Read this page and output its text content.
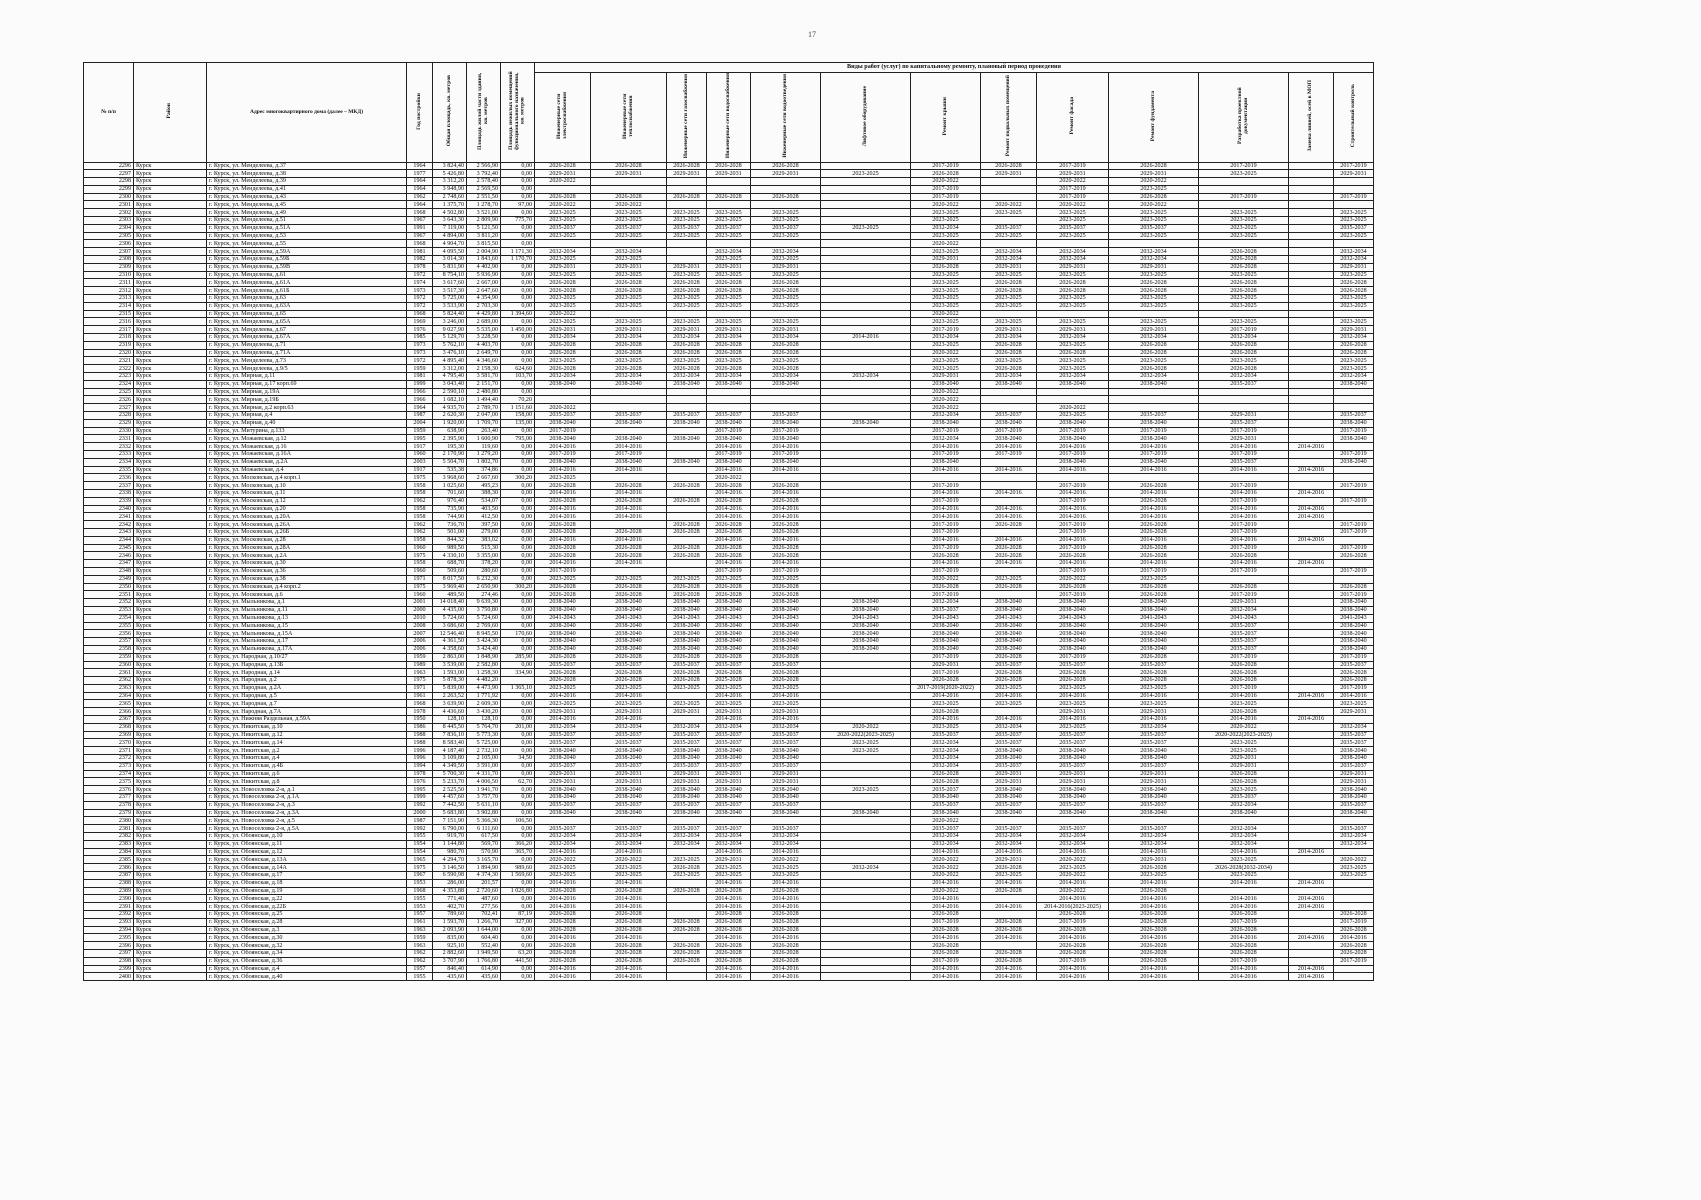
17
№ п/п	Район	Адрес многоквартирного дома (далее – МКД)	Год постройки	Общая площадь, кв. метров	Площадь жилой части здания, кв. метров	Площадь нежилых помещений функционального назначения, кв. метров	Виды работ (услуг) по капитальному ремонту, плановый период проведения												
							Инженерные сети электроснабжения	Инженерные сети теплоснабжения	Инженерные сети газоснабжения	Инженерные сети водоснабжения	Инженерные сети водоотведения	Лифтовое оборудование	Ремонт крыши	Ремонт подвальных помещений	Ремонт фасада	Ремонт фундамента	Разработка проектной документации	Замена ливней, осей в МОП	Строительный контроль
2296	Курск	г. Курск, ул. Менделеева, д.37	1964	3 824,40	2 566,90	0,00	2026-2028	2026-2028	2026-2028	2026-2028	2026-2028		2017-2019	2026-2028	2017-2019	2026-2028	2017-2019		2017-2019
2297	Курск	г. Курск, ул. Менделеева, д.38	1977	5 426,80	3 792,40	0,00	2029-2031	2029-2031	2029-2031	2029-2031	2029-2031	2023-2025	2026-2028	2029-2031	2029-2031	2029-2031	2023-2025		2029-2031
2298	Курск	г. Курск, ул. Менделеева, д.39	1964	3 312,20	2 578,40	0,00	2020-2022						2020-2022		2020-2022	2020-2022			
2299	Курск	г. Курск, ул. Менделеева, д.41	1964	3 948,90	2 569,50	0,00							2017-2019		2017-2019	2023-2025			
2300	Курск	г. Курск, ул. Менделеева, д.43	1962	2 748,60	2 551,50	0,00	2026-2028	2026-2028	2026-2028	2026-2028	2026-2028		2017-2019		2017-2019	2026-2028	2017-2019		2017-2019
2301	Курск	г. Курск, ул. Менделеева, д.45	1964	1 375,70	1 278,70	97,00	2020-2022	2020-2022					2020-2022	2020-2022	2020-2022	2020-2022			
2302	Курск	г. Курск, ул. Менделеева, д.49	1968	4 502,80	3 521,00	0,00	2023-2025	2023-2025	2023-2025	2023-2025	2023-2025		2023-2025	2023-2025	2023-2025	2023-2025	2023-2025		2023-2025
2303	Курск	г. Курск, ул. Менделеева, д.51	1967	3 643,30	2 809,90	775,70	2023-2025	2023-2025	2023-2025	2023-2025	2023-2025		2023-2025		2023-2025	2023-2025	2023-2025		2023-2025
2304	Курск	г. Курск, ул. Менделеева, д.51А	1991	7 119,00	5 121,50	0,00	2035-2037	2035-2037	2035-2037	2035-2037	2035-2037	2023-2025	2032-2034	2035-2037	2035-2037	2035-2037	2023-2025		2035-2037
2305	Курск	г. Курск, ул. Менделеева, д.53	1967	4 894,00	3 811,20	0,00	2023-2025	2023-2025	2023-2025	2023-2025	2023-2025		2023-2025	2023-2025	2023-2025	2023-2025	2023-2025		2023-2025
2306	Курск	г. Курск, ул. Менделеева, д.55	1968	4 904,70	3 815,50	0,00							2020-2022						
2307	Курск	г. Курск, ул. Менделеева, д.59А	1981	4 095,50	2 004,90	1 171,30	2032-2034	2032-2034		2032-2034	2032-2034		2023-2025	2032-2034	2032-2034	2032-2034	2026-2028		2032-2034
2308	Курск	г. Курск, ул. Менделеева, д.59Б	1982	3 014,30	1 843,60	1 170,70	2023-2025	2023-2025		2023-2025	2023-2025		2029-2031	2032-2034	2032-2034	2032-2034	2026-2028		2032-2034
2309	Курск	г. Курск, ул. Менделеева, д.59В	1978	5 831,90	4 402,90	0,00	2029-2031	2029-2031	2029-2031	2029-2031	2029-2031		2026-2028	2029-2031	2029-2031	2029-2031	2026-2028		2029-2031
2310	Курск	г. Курск, ул. Менделеева, д.61	1972	8 754,10	5 936,90	0,00	2023-2025	2023-2025	2023-2025	2023-2025	2023-2025		2023-2025	2023-2025	2023-2025	2023-2025	2023-2025		2023-2025
2311	Курск	г. Курск, ул. Менделеева, д.61А	1974	3 617,60	2 667,00	0,00	2026-2028	2026-2028	2026-2028	2026-2028	2026-2028		2023-2025	2026-2028	2026-2028	2026-2028	2026-2028		2026-2028
2312	Курск	г. Курск, ул. Менделеева, д.61Б	1973	3 517,30	2 647,60	0,00	2026-2028	2026-2028	2026-2028	2026-2028	2026-2028		2023-2025	2026-2028	2026-2028	2026-2028	2026-2028		2026-2028
2313	Курск	г. Курск, ул. Менделеева, д.63	1972	5 725,00	4 354,90	0,00	2023-2025	2023-2025	2023-2025	2023-2025	2023-2025		2023-2025	2023-2025	2023-2025	2023-2025	2023-2025		2023-2025
2314	Курск	г. Курск, ул. Менделеева, д.63А	1972	3 533,90	2 703,30	0,00	2023-2025	2023-2025	2023-2025	2023-2025	2023-2025		2023-2025	2023-2025	2023-2025	2023-2025	2023-2025		2023-2025
2315	Курск	г. Курск, ул. Менделеева, д.65	1968	5 824,40	4 429,80	1 394,60	2020-2022						2020-2022						
2316	Курск	г. Курск, ул. Менделеева, д.65А	1969	3 246,00	2 689,00	0,00	2023-2025	2023-2025	2023-2025	2023-2025	2023-2025		2023-2025	2023-2025	2023-2025	2023-2025	2023-2025		2023-2025
2317	Курск	г. Курск, ул. Менделеева, д.67	1976	9 027,90	5 535,00	1 450,00	2029-2031	2029-2031	2029-2031	2029-2031	2029-2031		2017-2019	2029-2031	2029-2031	2029-2031	2017-2019		2029-2031
2318	Курск	г. Курск, ул. Менделеева, д.67А	1985	5 129,70	3 228,50	0,00	2032-2034	2032-2034	2032-2034	2032-2034	2032-2034	2014-2016	2032-2034	2032-2034	2032-2034	2032-2034	2032-2034		2032-2034
2319	Курск	г. Курск, ул. Менделеева, д.71	1973	5 762,10	4 403,70	0,00	2026-2028	2026-2028	2026-2028	2026-2028	2026-2028		2023-2025	2026-2028	2023-2025	2026-2028	2026-2028		2026-2028
2320	Курск	г. Курск, ул. Менделеева, д.71А	1973	3 476,10	2 649,70	0,00	2026-2028	2026-2028	2026-2028	2026-2028	2026-2028		2020-2022	2026-2028	2026-2028	2026-2028	2026-2028		2026-2028
2321	Курск	г. Курск, ул. Менделеева, д.73	1972	4 895,40	4 346,60	0,00	2023-2025	2023-2025	2023-2025	2023-2025	2023-2025		2023-2025	2023-2025	2023-2025	2023-2025	2023-2025		2023-2025
2322	Курск	г. Курск, ул. Менделеева, д.9/5	1959	3 312,00	2 158,30	624,60	2026-2028	2026-2028	2026-2028	2026-2028	2026-2028		2023-2025	2026-2028	2023-2025	2026-2028	2026-2028		2023-2025
2323	Курск	г. Курск, ул. Мирная, д.11	1981	4 795,40	3 581,70	103,70	2032-2034	2032-2034	2032-2034	2032-2034	2032-2034	2032-2034	2029-2031	2032-2034	2032-2034	2032-2034	2032-2034		2032-2034
2324	Курск	г. Курск, ул. Мирная, д.17 корп.69	1999	3 043,40	2 151,70	0,00	2038-2040	2038-2040	2038-2040	2038-2040	2038-2040		2038-2040	2038-2040	2038-2040	2038-2040	2035-2037		2038-2040
2325	Курск	г. Курск, ул. Мирная, д.19А	1966	2 590,10	2 480,80	0,00							2020-2022						
2326	Курск	г. Курск, ул. Мирная, д.19Б	1966	1 682,10	1 494,40	70,20							2020-2022						
2327	Курск	г. Курск, ул. Мирная, д.2 корп.63	1964	4 935,70	2 789,70	1 151,60	2020-2022						2020-2022		2020-2022				
2328	Курск	г. Курск, ул. Мирная, д.4	1987	2 620,30	2 047,00	158,00	2035-2037	2035-2037	2035-2037	2035-2037	2035-2037		2032-2034	2035-2037	2023-2025	2035-2037	2029-2031		2035-2037
2329	Курск	г. Курск, ул. Мирная, д.40	2004	1 920,00	1 709,70	135,00	2038-2040	2038-2040	2038-2040	2038-2040	2038-2040	2038-2040	2038-2040	2038-2040	2038-2040	2038-2040	2035-2037		2038-2040
2330	Курск	г. Курск, ул. Митурина, д.133	1959	638,90	263,40	0,00	2017-2019			2017-2019	2017-2019		2017-2019	2017-2019	2017-2019	2017-2019	2017-2019		2017-2019
2331	Курск	г. Курск, ул. Можаевская, д.12	1995	2 395,90	1 600,90	795,00	2038-2040	2038-2040	2038-2040	2038-2040	2038-2040		2032-2034	2038-2040	2038-2040	2038-2040	2029-2031		2038-2040
2332	Курск	г. Курск, ул. Можаевская, д.16	1917	195,30	119,60	0,00	2014-2016	2014-2016		2014-2016	2014-2016		2014-2016	2014-2016	2014-2016	2014-2016	2014-2016	2014-2016	
2333	Курск	г. Курск, ул. Можаевская, д.16А	1960	2 170,90	1 279,20	0,00	2017-2019	2017-2019		2017-2019	2017-2019		2017-2019	2017-2019	2017-2019	2017-2019	2017-2019		2017-2019
2334	Курск	г. Курск, ул. Можаевская, д.2А	2003	5 504,70	1 802,70	0,00	2038-2040	2038-2040	2038-2040	2038-2040	2038-2040		2038-2040		2038-2040	2038-2040	2035-2037		2038-2040
2335	Курск	г. Курск, ул. Можаевская, д.4	1917	535,38	374,86	0,00	2014-2016	2014-2016		2014-2016	2014-2016		2014-2016	2014-2016	2014-2016	2014-2016	2014-2016	2014-2016	
2336	Курск	г. Курск, ул. Московская, д.4 корп.1	1975	3 968,60	2 667,60	300,20	2023-2025			2020-2022									
2337	Курск	г. Курск, ул. Московская, д.10	1958	1 025,60	495,23	0,00	2026-2028	2026-2028	2026-2028	2026-2028	2026-2028		2017-2019		2017-2019	2026-2028	2017-2019		2017-2019
2338	Курск	г. Курск, ул. Московская, д.11	1958	701,60	388,30	0,00	2014-2016	2014-2016		2014-2016	2014-2016		2014-2016	2014-2016	2014-2016	2014-2016	2014-2016	2014-2016	
2339	Курск	г. Курск, ул. Московская, д.12	1962	976,40	534,07	0,00	2026-2028	2026-2028	2026-2028	2026-2028	2026-2028		2017-2019		2017-2019	2026-2028	2017-2019		2017-2019
2340	Курск	г. Курск, ул. Московская, д.20	1958	735,90	403,50	0,00	2014-2016	2014-2016		2014-2016	2014-2016		2014-2016	2014-2016	2014-2016	2014-2016	2014-2016	2014-2016	
2341	Курск	г. Курск, ул. Московская, д.20А	1958	744,90	412,50	0,00	2014-2016	2014-2016		2014-2016	2014-2016		2014-2016	2014-2016	2014-2016	2014-2016	2014-2016	2014-2016	
2342	Курск	г. Курск, ул. Московская, д.26А	1962	736,70	397,50	0,00	2026-2028		2026-2028	2026-2028	2026-2028		2017-2019	2026-2028	2017-2019	2026-2028	2017-2019		2017-2019
2343	Курск	г. Курск, ул. Московская, д.26Б	1962	501,00	279,00	0,00	2026-2028	2026-2028	2026-2028	2026-2028	2026-2028		2017-2019		2017-2019	2026-2028	2017-2019		2017-2019
2344	Курск	г. Курск, ул. Московская, д.28	1958	844,32	383,02	0,00	2014-2016	2014-2016		2014-2016	2014-2016		2014-2016	2014-2016	2014-2016	2014-2016	2014-2016	2014-2016	
2345	Курск	г. Курск, ул. Московская, д.28А	1960	989,50	515,30	0,00	2026-2028	2026-2028	2026-2028	2026-2028	2026-2028		2017-2019	2026-2028	2017-2019	2026-2028	2017-2019		2017-2019
2346	Курск	г. Курск, ул. Московская, д.2А	1975	4 330,10	3 355,00	0,00	2026-2028	2026-2028	2026-2028	2026-2028	2026-2028		2026-2028	2026-2028	2026-2028	2026-2028	2026-2028		2026-2028
2347	Курск	г. Курск, ул. Московская, д.30	1958	688,70	378,20	0,00	2014-2016	2014-2016		2014-2016	2014-2016		2014-2016	2014-2016	2014-2016	2014-2016	2014-2016	2014-2016	
2348	Курск	г. Курск, ул. Московская, д.36	1960	509,60	280,60	0,00	2017-2019			2017-2019	2017-2019		2017-2019		2017-2019	2017-2019	2017-2019		2017-2019
2349	Курск	г. Курск, ул. Московская, д.38	1971	8 017,50	6 232,30	0,00	2023-2025	2023-2025	2023-2025	2023-2025	2023-2025		2020-2022	2023-2025	2020-2022	2023-2025			
2350	Курск	г. Курск, ул. Московская, д.4 корп.2	1975	3 969,40	2 650,90	300,20	2026-2028	2026-2028	2026-2028	2026-2028	2026-2028		2026-2028	2026-2028	2026-2028	2026-2028	2026-2028		2026-2028
2351	Курск	г. Курск, ул. Московская, д.6	1960	489,50	274,46	0,00	2026-2028	2026-2028	2026-2028	2026-2028	2026-2028		2017-2019		2017-2019	2026-2028	2017-2019		2017-2019
2352	Курск	г. Курск, ул. Мыльникова, д.1	2001	14 018,40	9 639,30	0,00	2038-2040	2038-2040	2038-2040	2038-2040	2038-2040	2038-2040	2032-2034	2038-2040	2038-2040	2038-2040	2029-2031		2038-2040
2353	Курск	г. Курск, ул. Мыльникова, д.11	2000	4 435,00	3 750,80	0,00	2038-2040	2038-2040	2038-2040	2038-2040	2038-2040	2038-2040	2035-2037	2038-2040	2038-2040	2038-2040	2032-2034		2038-2040
2354	Курск	г. Курск, ул. Мыльникова, д.13	2010	5 724,60	5 724,60	0,00	2041-2043	2041-2043	2041-2043	2041-2043	2041-2043	2041-2043	2041-2043	2041-2043	2041-2043	2041-2043	2041-2043		2041-2043
2355	Курск	г. Курск, ул. Мыльникова, д.15	2008	3 686,60	2 769,60	0,00	2038-2040	2038-2040	2038-2040	2038-2040	2038-2040	2038-2040	2038-2040	2038-2040	2038-2040	2038-2040	2035-2037		2038-2040
2356	Курск	г. Курск, ул. Мыльникова, д.15А	2007	12 546,40	8 945,50	170,60	2038-2040	2038-2040	2038-2040	2038-2040	2038-2040	2038-2040	2038-2040	2038-2040	2038-2040	2038-2040	2035-2037		2038-2040
2357	Курск	г. Курск, ул. Мыльникова, д.17	2006	4 361,50	3 424,30	0,00	2038-2040	2038-2040	2038-2040	2038-2040	2038-2040	2038-2040	2038-2040	2038-2040	2038-2040	2038-2040	2035-2037		2038-2040
2358	Курск	г. Курск, ул. Мыльникова, д.17А	2006	4 358,60	3 424,40	0,00	2038-2040	2038-2040	2038-2040	2038-2040	2038-2040	2038-2040	2038-2040	2038-2040	2038-2040	2038-2040	2035-2037		2038-2040
2359	Курск	г. Курск, ул. Народная, д.10/27	1959	2 863,00	1 848,90	285,90	2026-2028	2026-2028	2026-2028	2026-2028	2026-2028		2017-2019	2026-2028	2017-2019	2026-2028	2017-2019		2017-2019
2360	Курск	г. Курск, ул. Народная, д.13Б	1989	3 539,00	2 582,80	0,00	2035-2037	2035-2037	2035-2037	2035-2037	2035-2037		2029-2031	2035-2037	2035-2037	2035-2037	2026-2028		2035-2037
2361	Курск	г. Курск, ул. Народная, д.14	1963	1 593,00	1 258,30	334,90	2026-2028	2026-2028	2026-2028	2026-2028	2026-2028		2017-2019	2026-2028	2026-2028	2026-2028	2026-2028		2026-2028
2362	Курск	г. Курск, ул. Народная, д.2	1975	5 878,30	4 482,20		2026-2028	2026-2028	2026-2028	2025-2028	2026-2028		2026-2028	2026-2028	2026-2028	2026-2028	2026-2028		2026-2028
2363	Курск	г. Курск, ул. Народная, д.2А	1971	5 839,00	4 473,90	1 365,10	2023-2025	2023-2025	2023-2025	2023-2025	2023-2025		2017-2019(2020-2022)	2023-2025	2023-2025	2023-2025	2017-2019		2017-2019
2364	Курск	г. Курск, ул. Народная, д.5	1961	2 263,52	1 771,92	0,00	2014-2016	2014-2016		2014-2016	2014-2016		2014-2016	2014-2016	2014-2016	2014-2016	2014-2016	2014-2016	2014-2016
2365	Курск	г. Курск, ул. Народная, д.7	1968	3 639,90	2 609,30	0,00	2023-2025	2023-2025	2023-2025	2023-2025	2023-2025		2023-2025	2023-2025	2023-2025	2023-2025	2023-2025		2023-2025
2366	Курск	г. Курск, ул. Народная, д.7А	1978	4 436,60	3 430,20	0,00	2029-2031	2029-2031	2029-2031	2029-2031	2029-2031		2026-2028		2029-2031	2029-2031	2026-2028		2029-2031
2367	Курск	г. Курск, ул. Нижняя Раздельная, д.59А	1950	128,10	128,10	0,00	2014-2016	2014-2016		2014-2016	2014-2016		2014-2016	2014-2016	2014-2016	2014-2016	2014-2016	2014-2016	
2368	Курск	г. Курск, ул. Никитская, д.10	1986	8 445,50	5 764,70	201,00	2032-2034	2032-2034	2032-2034	2032-2034	2032-2034	2020-2022	2023-2025	2032-2034	2023-2025	2032-2034	2020-2022		2032-2034
2369	Курск	г. Курск, ул. Никитская, д.12	1988	7 836,10	5 773,30	0,00	2035-2037	2035-2037	2035-2037	2035-2037	2035-2037	2020-2022(2023-2025)	2035-2037	2035-2037	2035-2037	2035-2037	2020-2022(2023-2025)		2035-2037
2370	Курск	г. Курск, ул. Никитская, д.14	1988	8 583,40	5 725,00	0,00	2035-2037	2035-2037	2035-2037	2035-2037	2035-2037	2023-2025	2032-2034	2035-2037	2035-2037	2035-2037	2023-2025		2035-2037
2371	Курск	г. Курск, ул. Никитская, д.2	1996	4 187,40	2 732,10	0,00	2038-2040	2038-2040	2038-2040	2038-2040	2038-2040	2023-2025	2032-2034	2038-2040	2038-2040	2038-2040	2023-2025		2038-2040
2372	Курск	г. Курск, ул. Никитская, д.4	1996	3 109,80	2 105,00	34,50	2038-2040	2038-2040	2038-2040	2038-2040	2038-2040		2032-2034	2038-2040	2038-2040	2038-2040	2029-2031		2038-2040
2373	Курск	г. Курск, ул. Никитская, д.4Б	1994	4 349,50	3 591,00	0,00	2035-2037	2035-2037	2035-2037	2035-2037	2035-2037		2032-2034	2035-2037	2035-2037	2035-2037	2029-2031		2035-2037
2374	Курск	г. Курск, ул. Никитская, д.6	1978	5 700,30	4 331,70	0,00	2029-2031	2029-2031	2029-2031	2029-2031	2029-2031		2026-2028	2029-2031	2029-2031	2029-2031	2026-2028		2029-2031
2375	Курск	г. Курск, ул. Никитская, д.8	1976	5 233,70	4 006,50	62,70	2029-2031	2029-2031	2029-2031	2029-2031	2029-2031		2026-2028	2029-2031	2029-2031	2029-2031	2026-2028		2029-2031
2376	Курск	г. Курск, ул. Новоселовка 2-я, д.1	1995	2 525,50	1 941,70	0,00	2038-2040	2038-2040	2038-2040	2038-2040	2038-2040	2023-2025	2035-2037	2038-2040	2038-2040	2038-2040	2023-2025		2038-2040
2377	Курск	г. Курск, ул. Новоселовка 2-я, д.1А	1999	4 457,60	3 757,70	0,00	2038-2040	2038-2040	2038-2040	2038-2040	2038-2040		2038-2040	2038-2040	2038-2040	2038-2040	2035-2037		2038-2040
2378	Курск	г. Курск, ул. Новоселовка 2-я, д.3	1992	7 442,50	5 631,10	0,00	2035-2037	2035-2037	2035-2037	2035-2037	2035-2037		2035-2037	2035-2037	2035-2037	2035-2037	2032-2034		2035-2037
2379	Курск	г. Курск, ул. Новоселовка 2-я, д.3А	2000	5 683,80	3 902,80	0,00	2038-2040	2038-2040	2038-2040	2038-2040	2038-2040	2038-2040	2038-2040	2038-2040	2038-2040	2038-2040	2038-2040		2038-2040
2380	Курск	г. Курск, ул. Новоселовка 2-я, д.5	1987	7 151,90	5 366,30	106,50							2020-2022						
2381	Курск	г. Курск, ул. Новоселовка 2-я, д.5А	1992	6 790,00	6 111,60	0,00	2035-2037	2035-2037	2035-2037	2035-2037	2035-2037		2035-2037	2035-2037	2035-2037	2035-2037	2032-2034		2035-2037
2382	Курск	г. Курск, ул. Обоянская, д.10	1955	919,70	617,50	0,00	2032-2034	2032-2034	2032-2034	2032-2034	2032-2034		2032-2034	2032-2034	2032-2034	2032-2034	2032-2034		2032-2034
2383	Курск	г. Курск, ул. Обоянская, д.11	1954	1 144,80	569,70	366,20	2032-2034	2032-2034	2032-2034	2032-2034	2032-2034		2032-2034	2032-2034	2032-2034	2032-2034	2032-2034		2032-2034
2384	Курск	г. Курск, ул. Обоянская, д.12	1954	980,70	570,90	365,70	2014-2016	2014-2016		2014-2016	2014-2016		2014-2016	2014-2016	2014-2016	2014-2016	2014-2016	2014-2016	
2385	Курск	г. Курск, ул. Обоянская, д.13А	1965	4 294,70	3 165,70	0,00	2020-2022	2020-2022	2023-2025	2029-2031	2020-2022		2020-2022	2029-2031	2020-2022	2029-2031	2023-2025		2020-2022
2386	Курск	г. Курск, ул. Обоянская, д.14А	1975	3 146,50	1 894,90	989,60	2023-2025	2023-2025	2026-2028	2023-2025	2023-2025	2032-2034	2020-2022	2026-2028	2023-2025	2026-2028	2026-2028(2032-2034)		2023-2025
2387	Курск	г. Курск, ул. Обоянская, д.17	1967	6 590,98	4 374,30	1 569,60	2023-2025	2023-2025	2023-2025	2023-2025	2023-2025		2020-2022	2023-2025	2020-2022	2023-2025	2023-2025		2023-2025
2388	Курск	г. Курск, ул. Обоянская, д.18	1953	286,00	201,57	0,00	2014-2016	2014-2016		2014-2016	2014-2016		2014-2016	2014-2016	2014-2016	2014-2016	2014-2016	2014-2016	
2389	Курск	г. Курск, ул. Обоянская, д.19	1968	4 353,88	2 720,60	1 026,80	2026-2028	2026-2028	2026-2028	2026-2028	2026-2028		2020-2022	2026-2028	2020-2022	2026-2028			
2390	Курск	г. Курск, ул. Обоянская, д.22	1955	771,40	487,60	0,00	2014-2016	2014-2016		2014-2016	2014-2016		2014-2016		2014-2016	2014-2016	2014-2016	2014-2016	
2391	Курск	г. Курск, ул. Обоянская, д.22Б	1953	402,70	277,56	0,00	2014-2016	2014-2016		2014-2016	2014-2016		2014-2016	2014-2016	2014-2016(2023-2025)	2014-2016	2014-2016	2014-2016	
2392	Курск	г. Курск, ул. Обоянская, д.25	1957	789,60	702,41	87,19	2026-2028	2026-2028		2026-2028	2026-2028		2026-2028		2026-2028	2026-2028	2026-2028		2026-2028
2393	Курск	г. Курск, ул. Обоянская, д.28	1961	1 593,70	1 266,70	327,00	2026-2028	2026-2028	2026-2028	2026-2028	2026-2028		2017-2019	2026-2028	2017-2019	2026-2028	2017-2019		2017-2019
2394	Курск	г. Курск, ул. Обоянская, д.3	1963	2 093,90	1 644,00	0,00	2026-2028	2026-2028	2026-2028	2026-2028	2026-2028		2026-2028	2026-2028	2026-2028	2026-2028	2026-2028		2026-2028
2395	Курск	г. Курск, ул. Обоянская, д.30	1959	835,00	604,40	0,00	2014-2016	2014-2016		2014-2016	2014-2016		2014-2016	2014-2016	2014-2016	2014-2016	2014-2016	2014-2016	2014-2016
2396	Курск	г. Курск, ул. Обоянская, д.32	1963	925,10	552,40	0,00	2026-2028	2026-2028	2026-2028	2026-2028	2026-2028		2026-2028		2026-2028	2026-2028	2026-2028		2026-2028
2397	Курск	г. Курск, ул. Обоянская, д.34	1962	2 882,60	1 949,50	63,20	2026-2028	2026-2028	2026-2028	2026-2028	2026-2028		2026-2028	2026-2028	2026-2028	2026-2028	2026-2028		2026-2028
2398	Курск	г. Курск, ул. Обоянская, д.36	1962	3 707,90	1 766,80	441,50	2026-2028	2026-2028	2026-2028	2026-2028	2026-2028		2017-2019	2026-2028	2017-2019	2026-2028	2017-2019		2017-2019
2399	Курск	г. Курск, ул. Обоянская, д.4	1957	846,40	614,90	0,00	2014-2016	2014-2016		2014-2016	2014-2016		2014-2016	2014-2016	2014-2016	2014-2016	2014-2016	2014-2016	
2400	Курск	г. Курск, ул. Обоянская, д.40	1955	435,60	435,60	0,00	2014-2016	2014-2016		2014-2016	2014-2016		2014-2016	2014-2016	2014-2016	2014-2016	2014-2016	2014-2016	
